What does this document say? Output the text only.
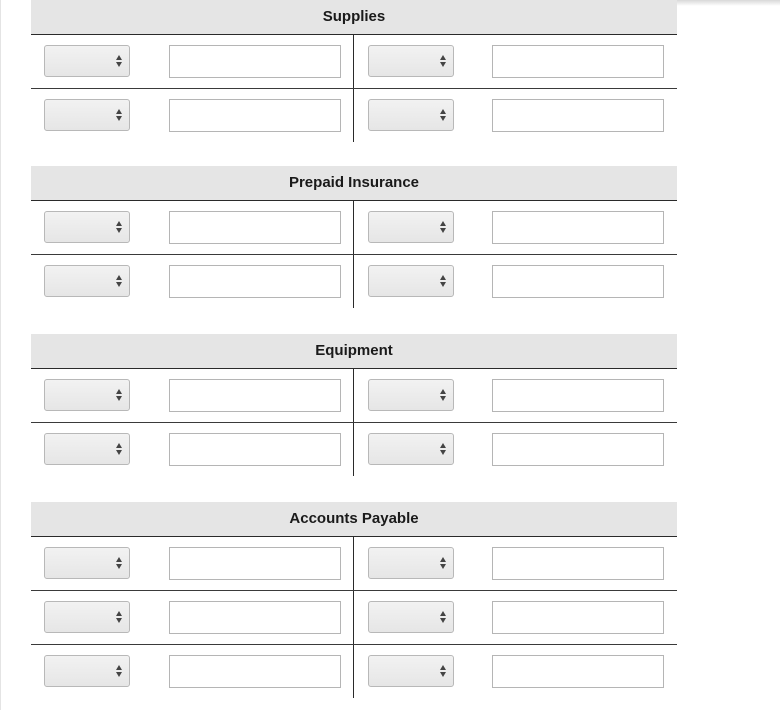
Supplies
Prepaid Insurance
Equipment
Accounts Payable
